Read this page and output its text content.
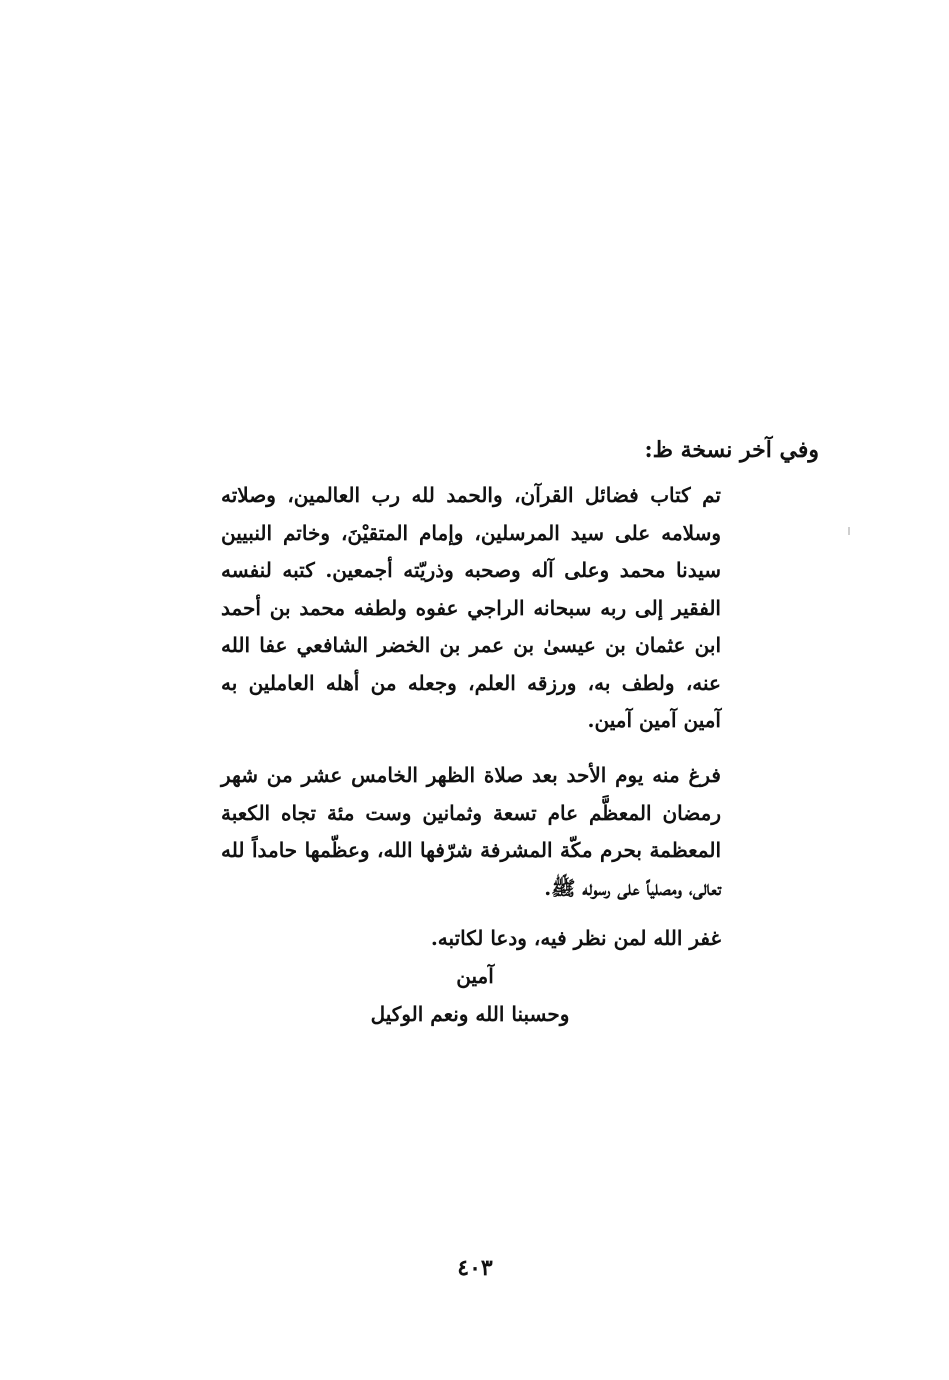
وفي آخر نسخة ظ:
تم كتاب فضائل القرآن، والحمد لله رب العالمين، وصلاته
وسلامه على سيد المرسلين، وإمام المتقيْنَ، وخاتم النبيين
سيدنا محمد وعلى آله وصحبه وذريّته أجمعين. كتبه لنفسه
الفقير إلى ربه سبحانه الراجي عفوه ولطفه محمد بن أحمد
ابن عثمان بن عيسىٰ بن عمر بن الخضر الشافعي عفا الله
عنه، ولطف به، ورزقه العلم، وجعله من أهله العاملين به
آمين آمين آمين.
فرغ منه يوم الأحد بعد صلاة الظهر الخامس عشر من شهر
رمضان المعظَّم عام تسعة وثمانين وست مئة تجاه الكعبة
المعظمة بحرم مكّة المشرفة شرّفها الله، وعظّمها حامداً لله
تعالى، ومصلياً على رسوله ﷺ.
غفر الله لمن نظر فيه، ودعا لكاتبه.
آمين
وحسبنا الله ونعم الوكيل
٤٠٣
